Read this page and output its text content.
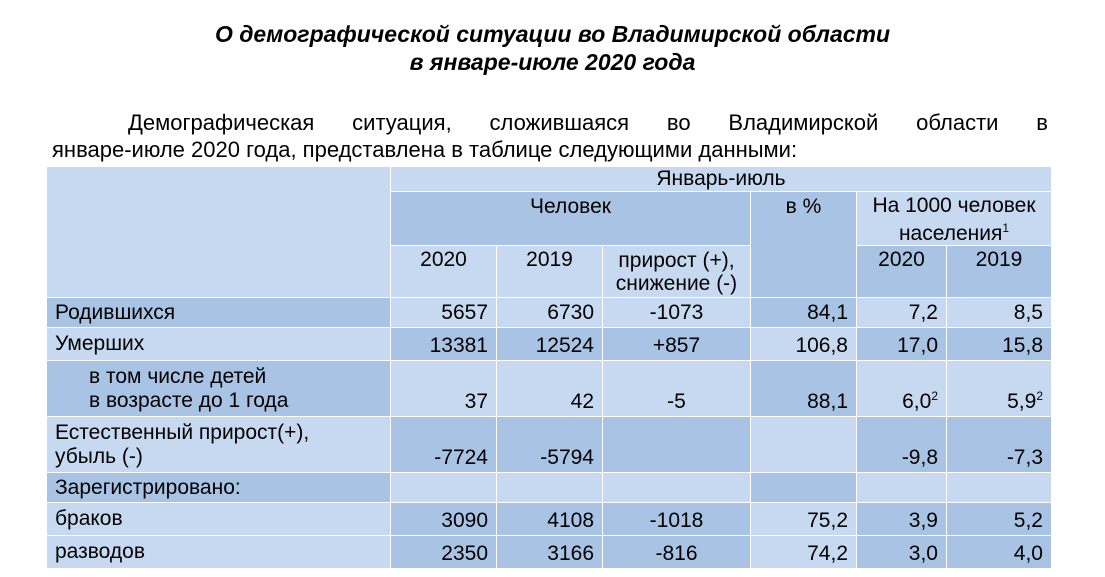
О демографической ситуации во Владимирской области
в январе-июле 2020 года
Демографическая ситуация, сложившаяся во Владимирской области в
январе-июле 2020 года, представлена в таблице следующими данными:
	Январь-июль					
	Человек			в %	На 1000 человек населения$^1$
	2020	2019	прирост (+), снижение (-)		2020	2019
Родившихся	5657	6730	-1073	84,1	7,2	8,5
Умерших	13381	12524	+857	106,8	17,0	15,8

в том числе детей
в возрасте до 1 года	37	42	-5	88,1	$6,0^2$	$5,9^2$

Естественный прирост(+),
убыль (-)	-7724	-5794			-9,8	-7,3
Зарегистрировано:						
браков	3090	4108	-1018	75,2	3,9	5,2
разводов	2350	3166	-816	74,2	3,0	4,0
